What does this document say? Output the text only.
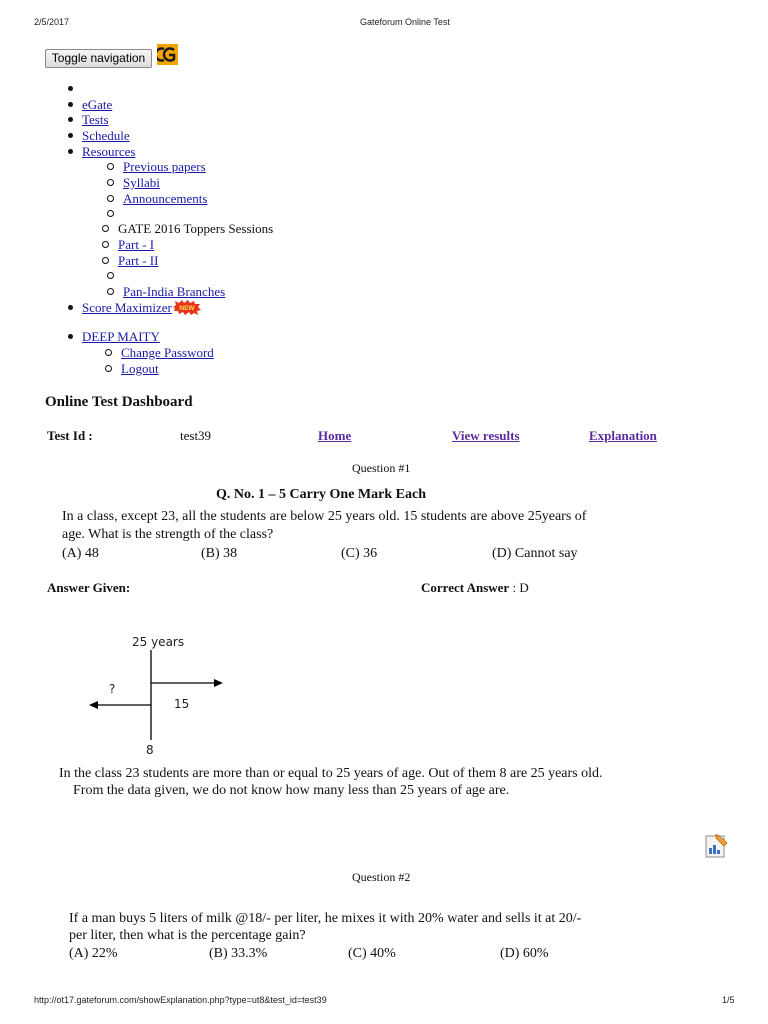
2/5/2017	Gateforum Online Test
Toggle navigation
eGate
Tests
Schedule
Resources
Previous papers
Syllabi
Announcements
GATE 2016 Toppers Sessions
Part - I
Part - II
Pan-India Branches
Score Maximizer NEW
DEEP MAITY
Change Password
Logout
Online Test Dashboard
Test Id :	test39	Home	View results	Explanation
Question #1
Q. No. 1 – 5 Carry One Mark Each
In a class, except 23, all the students are below 25 years old. 15 students are above 25years of
age. What is the strength of the class?
(A) 48	(B) 38	(C) 36	(D) Cannot say
Answer Given:	Correct Answer : D
25 years
?
15
8
In the class 23 students are more than or equal to 25 years of age. Out of them 8 are 25 years old.
From the data given, we do not know how many less than 25 years of age are.
Question #2
If a man buys 5 liters of milk @18/- per liter, he mixes it with 20% water and sells it at 20/-
per liter, then what is the percentage gain?
(A) 22%	(B) 33.3%	(C) 40%	(D) 60%
http://ot17.gateforum.com/showExplanation.php?type=ut8&test_id=test39	1/5
